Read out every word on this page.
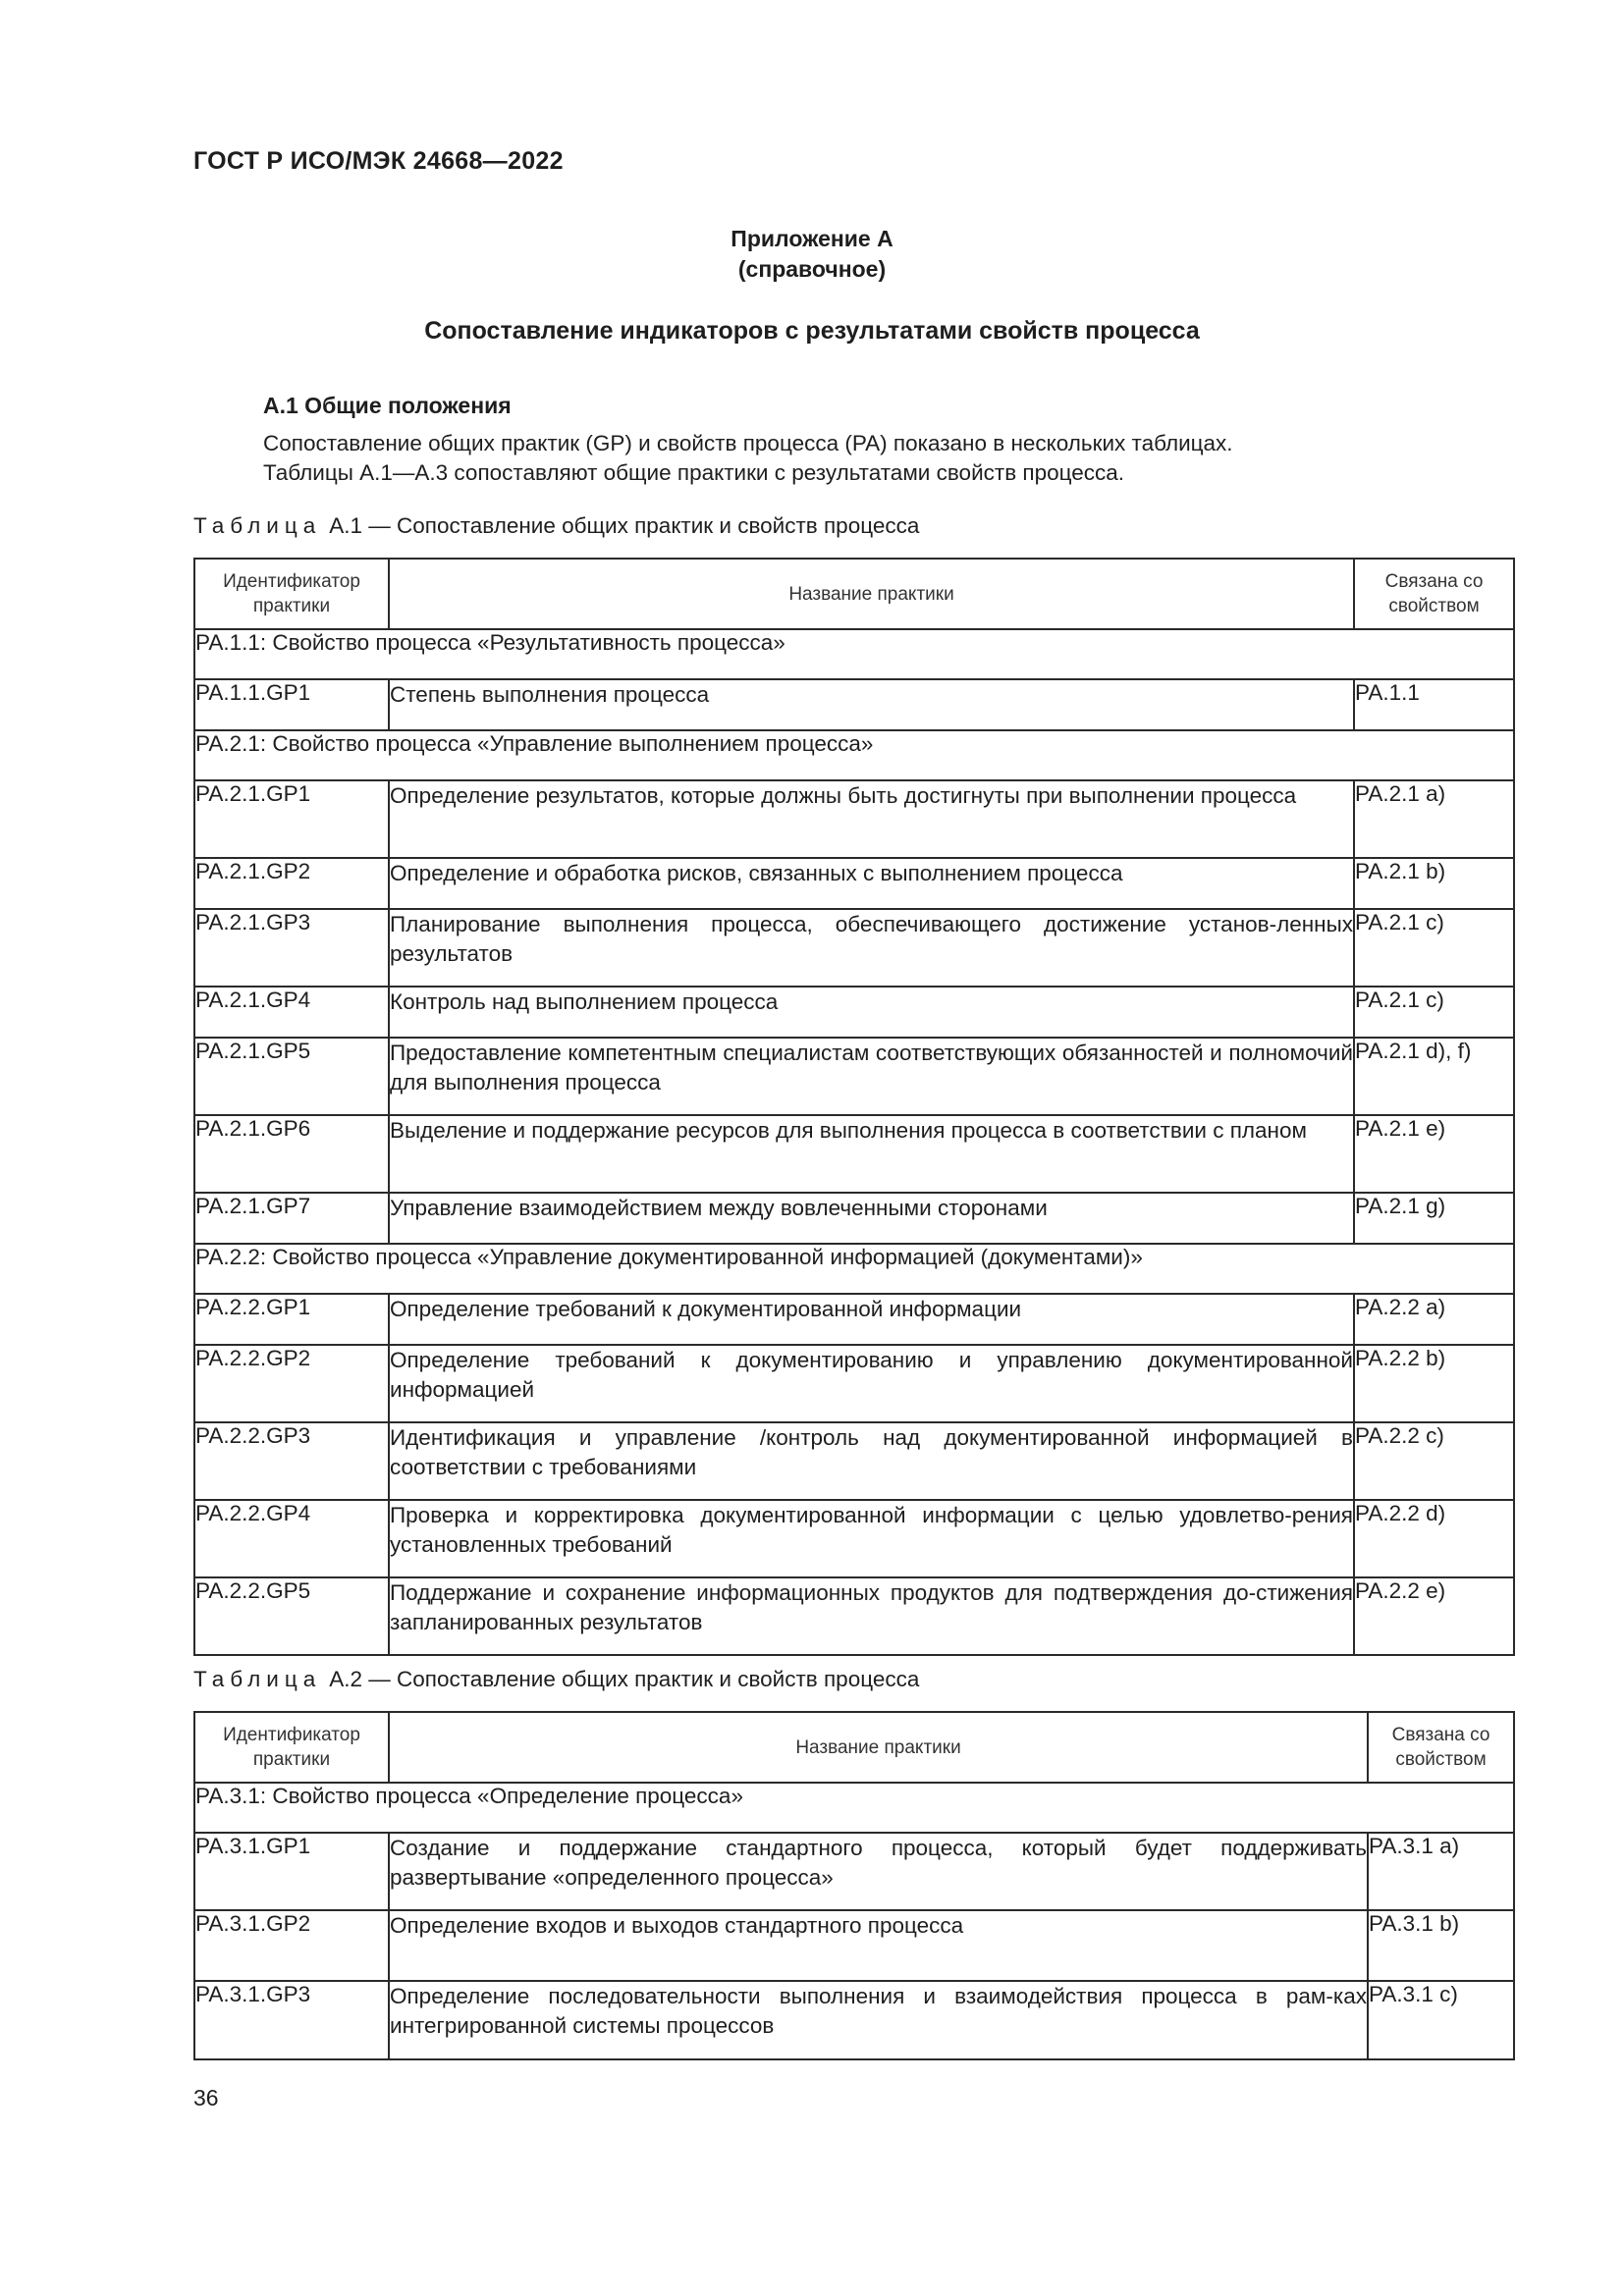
ГОСТ Р ИСО/МЭК 24668—2022
Приложение А
(справочное)
Сопоставление индикаторов с результатами свойств процесса
А.1 Общие положения
Сопоставление общих практик (GP) и свойств процесса (PA) показано в нескольких таблицах.
Таблицы А.1—А.3 сопоставляют общие практики с результатами свойств процесса.
Таблица А.1 — Сопоставление общих практик и свойств процесса
Идентификатор практики	Название практики	Связана со свойством
PA.1.1: Свойство процесса «Результативность процесса»		
PA.1.1.GP1	Степень выполнения процесса	PA.1.1
PA.2.1: Свойство процесса «Управление выполнением процесса»		
PA.2.1.GP1	Определение результатов, которые должны быть достигнуты при выполнении процесса	PA.2.1 a)
PA.2.1.GP2	Определение и обработка рисков, связанных с выполнением процесса	PA.2.1 b)
PA.2.1.GP3	Планирование выполнения процесса, обеспечивающего достижение установ-ленных результатов	PA.2.1 c)
PA.2.1.GP4	Контроль над выполнением процесса	PA.2.1 c)
PA.2.1.GP5	Предоставление компетентным специалистам соответствующих обязанностей и полномочий для выполнения процесса	PA.2.1 d), f)
PA.2.1.GP6	Выделение и поддержание ресурсов для выполнения процесса в соответствии с планом	PA.2.1 e)
PA.2.1.GP7	Управление взаимодействием между вовлеченными сторонами	PA.2.1 g)
PA.2.2: Свойство процесса «Управление документированной информацией (документами)»		
PA.2.2.GP1	Определение требований к документированной информации	PA.2.2 a)
PA.2.2.GP2	Определение требований к документированию и управлению документированной информацией	PA.2.2 b)
PA.2.2.GP3	Идентификация и управление /контроль над документированной информацией в соответствии с требованиями	PA.2.2 c)
PA.2.2.GP4	Проверка и корректировка документированной информации с целью удовлетво-рения установленных требований	PA.2.2 d)
PA.2.2.GP5	Поддержание и сохранение информационных продуктов для подтверждения до-стижения запланированных результатов	PA.2.2 e)
Таблица А.2 — Сопоставление общих практик и свойств процесса
Идентификатор практики	Название практики	Связана со свойством
PA.3.1: Свойство процесса «Определение процесса»		
PA.3.1.GP1	Создание и поддержание стандартного процесса, который будет поддерживать развертывание «определенного процесса»	PA.3.1 a)
PA.3.1.GP2	Определение входов и выходов стандартного процесса	PA.3.1 b)
PA.3.1.GP3	Определение последовательности выполнения и взаимодействия процесса в рам-ках интегрированной системы процессов	PA.3.1 c)
36
